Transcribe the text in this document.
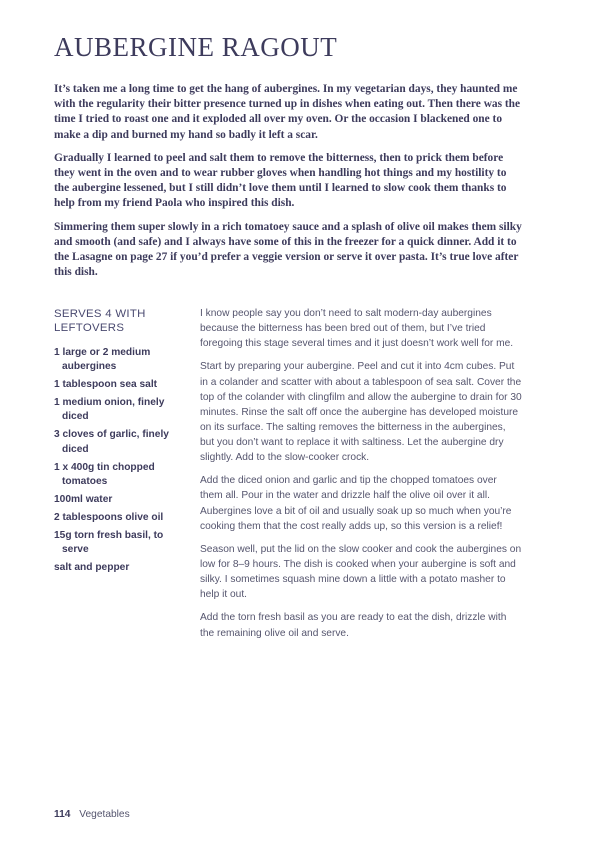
AUBERGINE RAGOUT

It’s taken me a long time to get the hang of aubergines. In my vegetarian days, they haunted me with the regularity their bitter presence turned up in dishes when eating out. Then there was the time I tried to roast one and it exploded all over my oven. Or the occasion I blackened one to make a dip and burned my hand so badly it left a scar.

Gradually I learned to peel and salt them to remove the bitterness, then to prick them before they went in the oven and to wear rubber gloves when handling hot things and my hostility to the aubergine lessened, but I still didn’t love them until I learned to slow cook them thanks to help from my friend Paola who inspired this dish.

Simmering them super slowly in a rich tomatoey sauce and a splash of olive oil makes them silky and smooth (and safe) and I always have some of this in the freezer for a quick dinner. Add it to the Lasagne on page 27 if you’d prefer a veggie version or serve it over pasta. It’s true love after this dish.

SERVES 4 WITH LEFTOVERS
1 large or 2 medium aubergines
1 tablespoon sea salt
1 medium onion, finely diced
3 cloves of garlic, finely diced
1 x 400g tin chopped tomatoes
100ml water
2 tablespoons olive oil
15g torn fresh basil, to serve
salt and pepper

I know people say you don’t need to salt modern-day aubergines because the bitterness has been bred out of them, but I’ve tried foregoing this stage several times and it just doesn’t work well for me.

Start by preparing your aubergine. Peel and cut it into 4cm cubes. Put in a colander and scatter with about a tablespoon of sea salt. Cover the top of the colander with clingfilm and allow the aubergine to drain for 30 minutes. Rinse the salt off once the aubergine has developed moisture on its surface. The salting removes the bitterness in the aubergines, but you don’t want to replace it with saltiness. Let the aubergine dry slightly. Add to the slow-cooker crock.

Add the diced onion and garlic and tip the chopped tomatoes over them all. Pour in the water and drizzle half the olive oil over it all. Aubergines love a bit of oil and usually soak up so much when you’re cooking them that the cost really adds up, so this version is a relief!

Season well, put the lid on the slow cooker and cook the aubergines on low for 8–9 hours. The dish is cooked when your aubergine is soft and silky. I sometimes squash mine down a little with a potato masher to help it out.

Add the torn fresh basil as you are ready to eat the dish, drizzle with the remaining olive oil and serve.

114 Vegetables
